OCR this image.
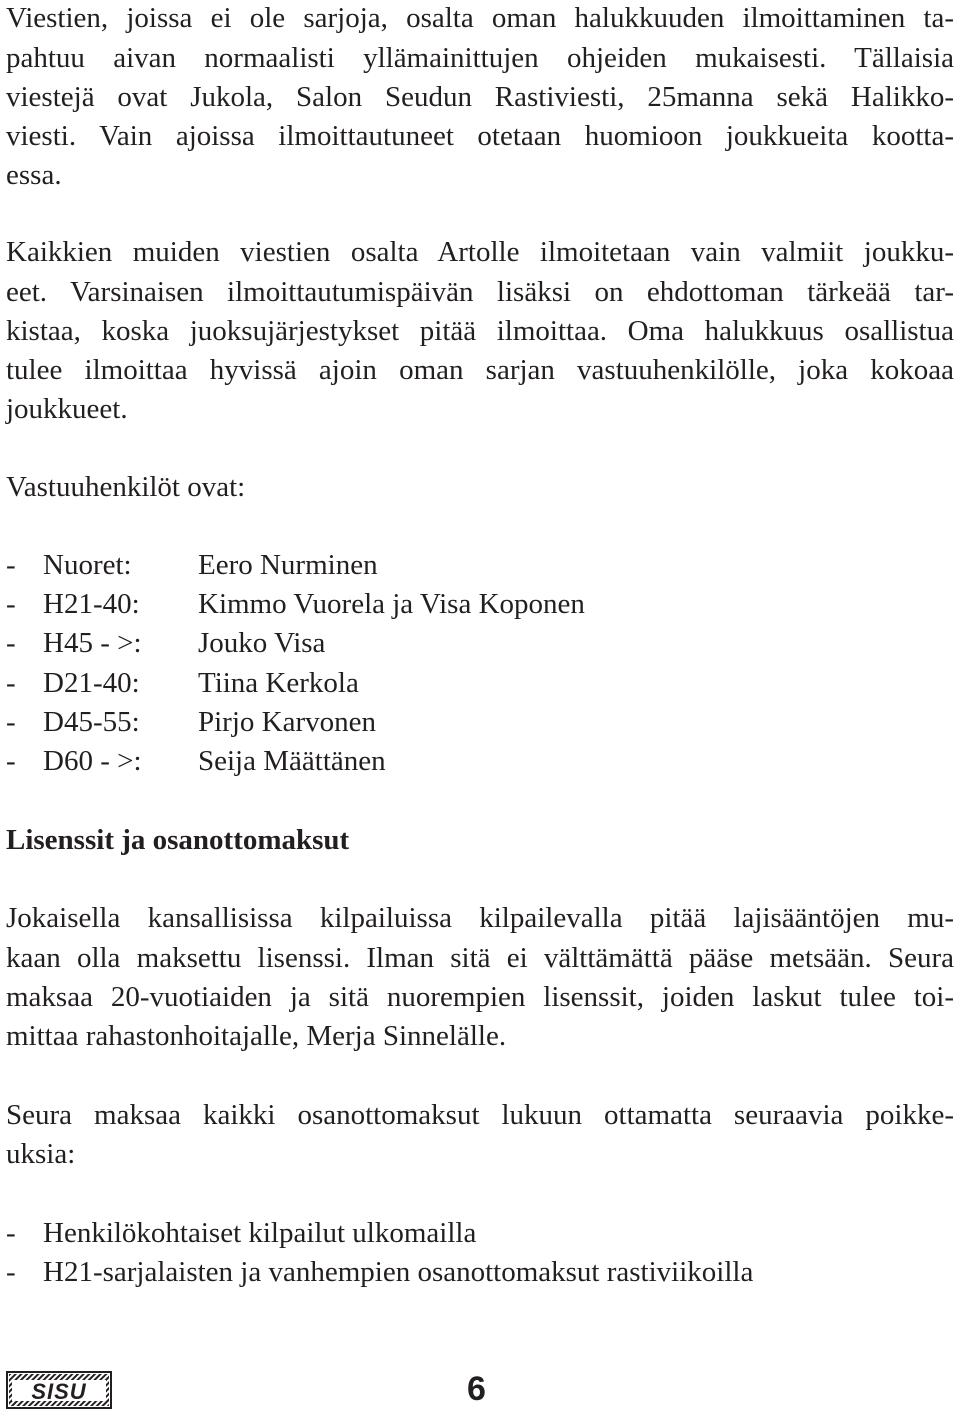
Viestien, joissa ei ole sarjoja, osalta oman halukkuuden ilmoittaminen ta-
pahtuu aivan normaalisti yllämainittujen ohjeiden mukaisesti. Tällaisia
viestejä ovat Jukola, Salon Seudun Rastiviesti, 25manna sekä Halikko-
viesti. Vain ajoissa ilmoittautuneet otetaan huomioon joukkueita kootta-
essa.
Kaikkien muiden viestien osalta Artolle ilmoitetaan vain valmiit joukku-
eet. Varsinaisen ilmoittautumispäivän lisäksi on ehdottoman tärkeää tar-
kistaa, koska juoksujärjestykset pitää ilmoittaa. Oma halukkuus osallistua
tulee ilmoittaa hyvissä ajoin oman sarjan vastuuhenkilölle, joka kokoaa
joukkueet.
Vastuuhenkilöt ovat:
- Nuoret: Eero Nurminen
- H21-40: Kimmo Vuorela ja Visa Koponen
- H45 - >: Jouko Visa
- D21-40: Tiina Kerkola
- D45-55: Pirjo Karvonen
- D60 - >: Seija Määttänen
Lisenssit ja osanottomaksut
Jokaisella kansallisissa kilpailuissa kilpailevalla pitää lajisääntöjen mu-
kaan olla maksettu lisenssi. Ilman sitä ei välttämättä pääse metsään. Seura
maksaa 20-vuotiaiden ja sitä nuorempien lisenssit, joiden laskut tulee toi-
mittaa rahastonhoitajalle, Merja Sinnelälle.
Seura maksaa kaikki osanottomaksut lukuun ottamatta seuraavia poikke-
uksia:
- Henkilökohtaiset kilpailut ulkomailla
- H21-sarjalaisten ja vanhempien osanottomaksut rastiviikoilla
SISU	6
